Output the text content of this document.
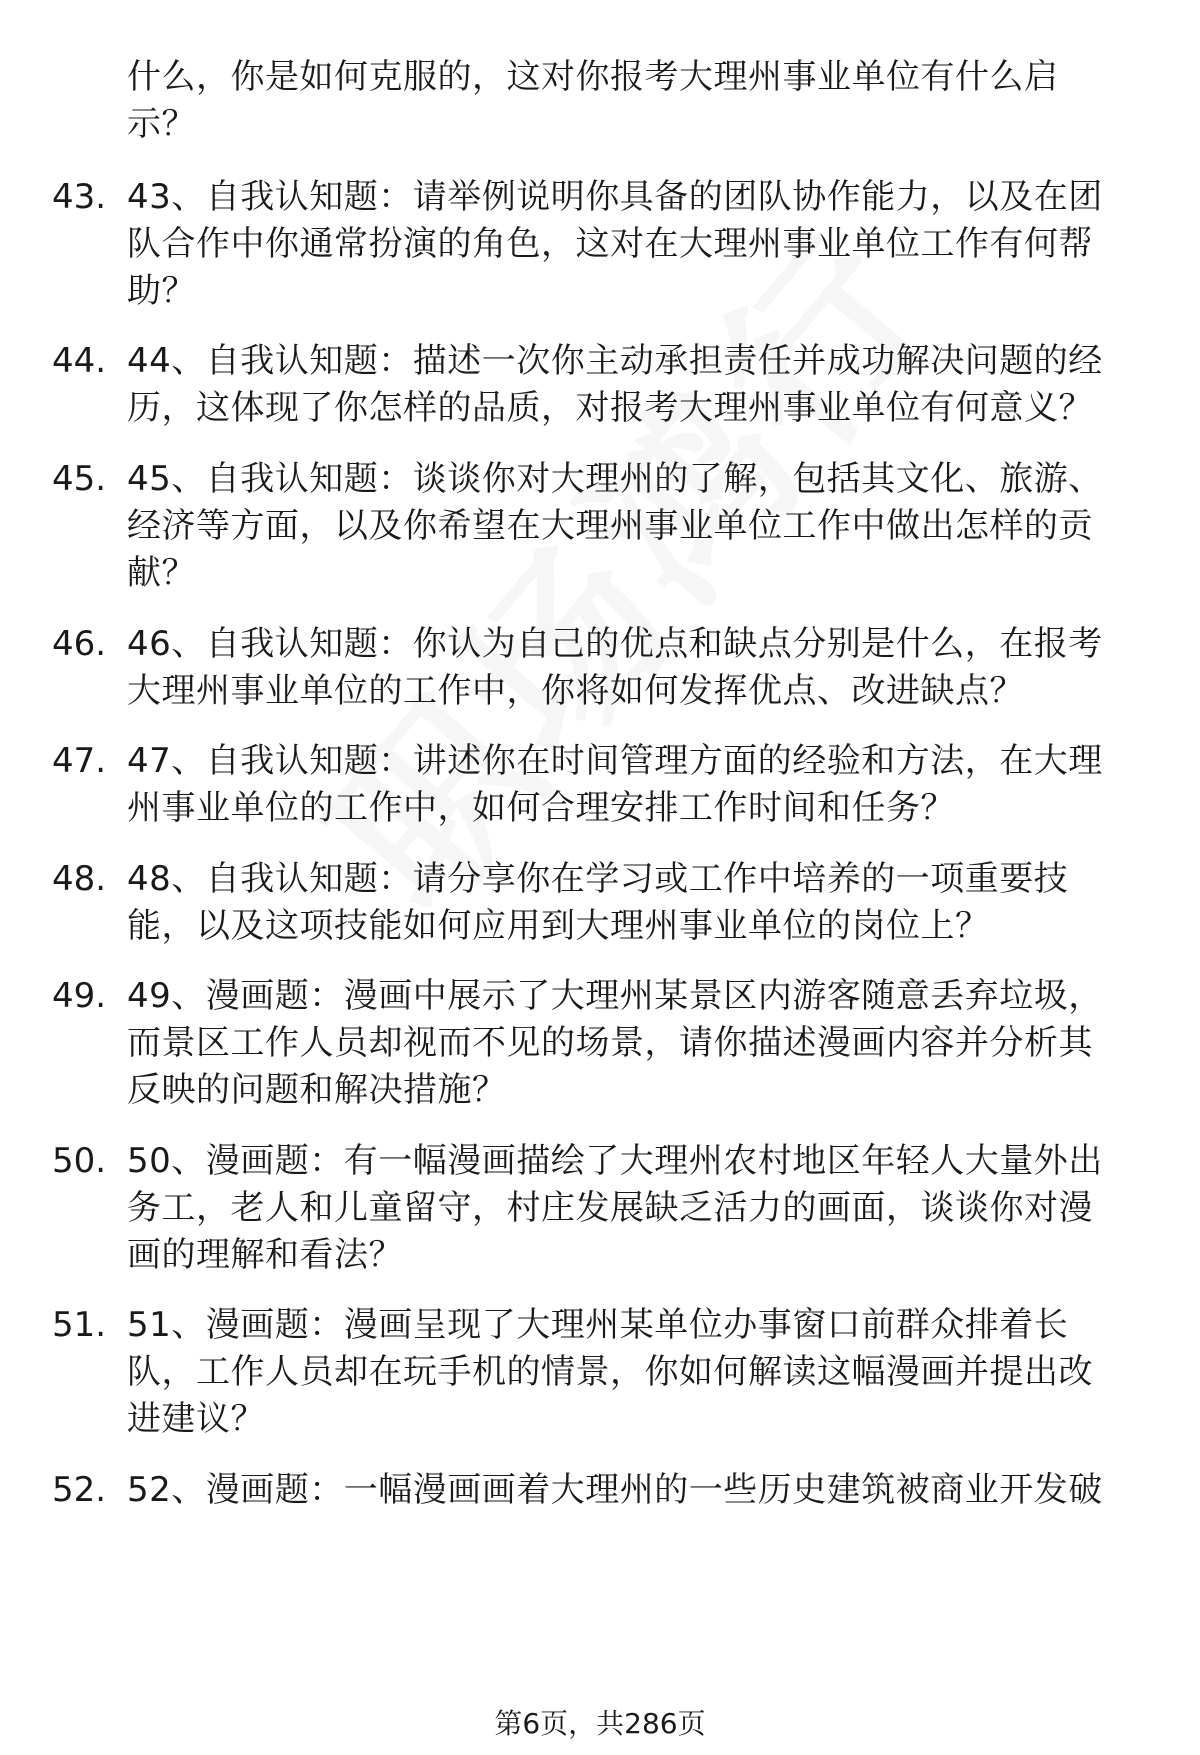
什么，你是如何克服的，这对你报考大理州事业单位有什么启
示？
43. 43、自我认知题：请举例说明你具备的团队协作能力，以及在团
队合作中你通常扮演的角色，这对在大理州事业单位工作有何帮
助？
44. 44、自我认知题：描述一次你主动承担责任并成功解决问题的经
历，这体现了你怎样的品质，对报考大理州事业单位有何意义？
45. 45、自我认知题：谈谈你对大理州的了解，包括其文化、旅游、
经济等方面，以及你希望在大理州事业单位工作中做出怎样的贡
献？
46. 46、自我认知题：你认为自己的优点和缺点分别是什么，在报考
大理州事业单位的工作中，你将如何发挥优点、改进缺点？
47. 47、自我认知题：讲述你在时间管理方面的经验和方法，在大理
州事业单位的工作中，如何合理安排工作时间和任务？
48. 48、自我认知题：请分享你在学习或工作中培养的一项重要技
能，以及这项技能如何应用到大理州事业单位的岗位上？
49. 49、漫画题：漫画中展示了大理州某景区内游客随意丢弃垃圾，
而景区工作人员却视而不见的场景，请你描述漫画内容并分析其
反映的问题和解决措施？
50. 50、漫画题：有一幅漫画描绘了大理州农村地区年轻人大量外出
务工，老人和儿童留守，村庄发展缺乏活力的画面，谈谈你对漫
画的理解和看法？
51. 51、漫画题：漫画呈现了大理州某单位办事窗口前群众排着长
队，工作人员却在玩手机的情景，你如何解读这幅漫画并提出改
进建议？
52. 52、漫画题：一幅漫画画着大理州的一些历史建筑被商业开发破
第6页，共286页
